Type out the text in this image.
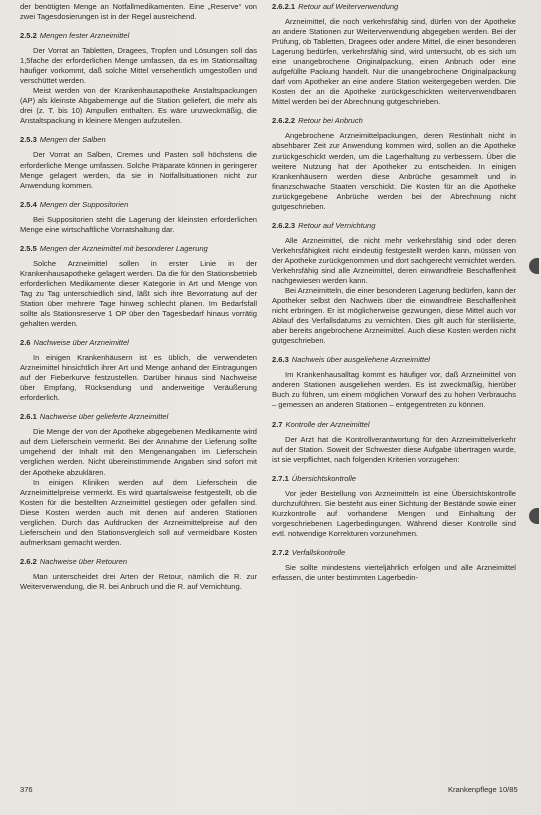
der benötigten Menge an Notfallmedikamenten. Eine „Reserve“ von zwei Tagesdosierungen ist in der Regel ausreichend.

2.5.2 Mengen fester Arzneimittel

Der Vorrat an Tabletten, Dragees, Tropfen und Lösungen soll das 1,5fache der erforderlichen Menge umfassen, da es im Stationsalltag häufiger vorkommt, daß solche Mittel versehentlich umgestoßen und verschüttet werden.

Meist werden von der Krankenhausapotheke Anstaltspackungen (AP) als kleinste Abgabemenge auf die Station geliefert, die mehr als drei (z. T. bis 10) Ampullen enthalten. Es wäre unzweckmäßig, die Anstaltspackung in kleinere Mengen aufzuteilen.

2.5.3 Mengen der Salben

Der Vorrat an Salben, Cremes und Pasten soll höchstens die erforderliche Menge umfassen. Solche Präparate können in geringerer Menge gelagert werden, da sie in Notfallsituationen nicht zur Anwendung kommen.

2.5.4 Mengen der Suppositorien

Bei Suppositorien steht die Lagerung der kleinsten erforderlichen Menge eine wirtschaftliche Vorratshaltung dar.

2.5.5 Mengen der Arzneimittel mit besonderer Lagerung

Solche Arzneimittel sollen in erster Linie in der Krankenhausapotheke gelagert werden. Da die für den Stationsbetrieb erforderlichen Medikamente dieser Kategorie in Art und Menge von Tag zu Tag unterschiedlich sind, läßt sich ihre Bevorratung auf der Station über mehrere Tage hinweg schlecht planen. Im Bedarfsfall sollte als Stationsreserve 1 OP über den Tagesbedarf hinaus vorrätig gehalten werden.

2.6 Nachweise über Arzneimittel

In einigen Krankenhäusern ist es üblich, die verwendeten Arzneimittel hinsichtlich ihrer Art und Menge anhand der Eintragungen auf der Fieberkurve festzustellen. Darüber hinaus sind Nachweise über Empfang, Rücksendung und anderweitige Veräußerung erforderlich.

2.6.1 Nachweise über gelieferte Arzneimittel

Die Menge der von der Apotheke abgegebenen Medikamente wird auf dem Lieferschein vermerkt. Bei der Annahme der Lieferung sollte umgehend der Inhalt mit den Mengenangaben im Lieferschein verglichen werden. Nicht übereinstimmende Angaben sind sofort mit der Apotheke abzuklären.

In einigen Kliniken werden auf dem Lieferschein die Arzneimittelpreise vermerkt. Es wird quartalsweise festgestellt, ob die Kosten für die bestellten Arzneimittel gestiegen oder gefallen sind. Diese Kosten werden auch mit denen auf anderen Stationen verglichen. Durch das Aufdrucken der Arzneimittelpreise auf den Lieferschein und den Stationsvergleich soll auf vermeidbare Kosten aufmerksam gemacht werden.

2.6.2 Nachweise über Retouren

Man unterscheidet drei Arten der Retour, nämlich die R. zur Weiterverwendung, die R. bei Anbruch und die R. auf Vernichtung.

2.6.2.1 Retour auf Weiterverwendung

Arzneimittel, die noch verkehrsfähig sind, dürfen von der Apotheke an andere Stationen zur Weiterverwendung abgegeben werden. Bei der Prüfung, ob Tabletten, Dragees oder andere Mittel, die einer besonderen Lagerung bedürfen, verkehrsfähig sind, wird untersucht, ob es sich um eine unangebrochene Originalpackung, einen Anbruch oder eine aufgefüllte Packung handelt. Nur die unangebrochene Originalpackung darf vom Apotheker an eine andere Station weitergegeben werden. Die Kosten der an die Apotheke zurückgeschickten weiterverwendbaren Mittel werden bei der Abrechnung gutgeschrieben.

2.6.2.2 Retour bei Anbruch

Angebrochene Arzneimittelpackungen, deren Restinhalt nicht in absehbarer Zeit zur Anwendung kommen wird, sollen an die Apotheke zurückgeschickt werden, um die Lagerhaltung zu verbessern. Über die weitere Nutzung hat der Apotheker zu entscheiden. In einigen Krankenhäusern werden diese Anbrüche gesammelt und in finanzschwache Staaten verschickt. Die Kosten für an die Apotheke zurückgegebene Anbrüche werden bei der Abrechnung nicht gutgeschrieben.

2.6.2.3 Retour auf Vernichtung

Alle Arzneimittel, die nicht mehr verkehrsfähig sind oder deren Verkehrsfähigkeit nicht eindeutig festgestellt werden kann, müssen von der Apotheke zurückgenommen und dort sachgerecht vernichtet werden. Verkehrsfähig sind alle Arzneimittel, deren einwandfreie Beschaffenheit nachgewiesen werden kann.

Bei Arzneimitteln, die einer besonderen Lagerung bedürfen, kann der Apotheker selbst den Nachweis über die einwandfreie Beschaffenheit nicht erbringen. Er ist möglicherweise gezwungen, diese Mittel auch vor Ablauf des Verfallsdatums zu vernichten. Dies gilt auch für sterilisierte, aber bereits angebrochene Arzneimittel. Auch diese Kosten werden nicht gutgeschrieben.

2.6.3 Nachweis über ausgeliehene Arzneimittel

Im Krankenhausalltag kommt es häufiger vor, daß Arzneimittel von anderen Stationen ausgeliehen werden. Es ist zweckmäßig, hierüber Buch zu führen, um einem möglichen Vorwurf des zu hohen Verbrauchs – gemessen an anderen Stationen – entgegentreten zu können.

2.7 Kontrolle der Arzneimittel

Der Arzt hat die Kontrollverantwortung für den Arzneimittelverkehr auf der Station. Soweit der Schwester diese Aufgabe übertragen wurde, ist sie verpflichtet, nach folgenden Kriterien vorzugehen:

2.7.1 Übersichtskontrolle

Vor jeder Bestellung von Arzneimitteln ist eine Übersichtskontrolle durchzuführen. Sie besteht aus einer Sichtung der Bestände sowie einer Kurzkontrolle auf vorhandene Mengen und Einhaltung der vorgeschriebenen Lagerbedingungen. Während dieser Kontrolle sind evtl. notwendige Korrekturen vorzunehmen.

2.7.2 Verfallskontrolle

Sie sollte mindestens vierteljährlich erfolgen und alle Arzneimittel erfassen, die unter bestimmten Lagerbedin-

376	Krankenpflege 10/85
